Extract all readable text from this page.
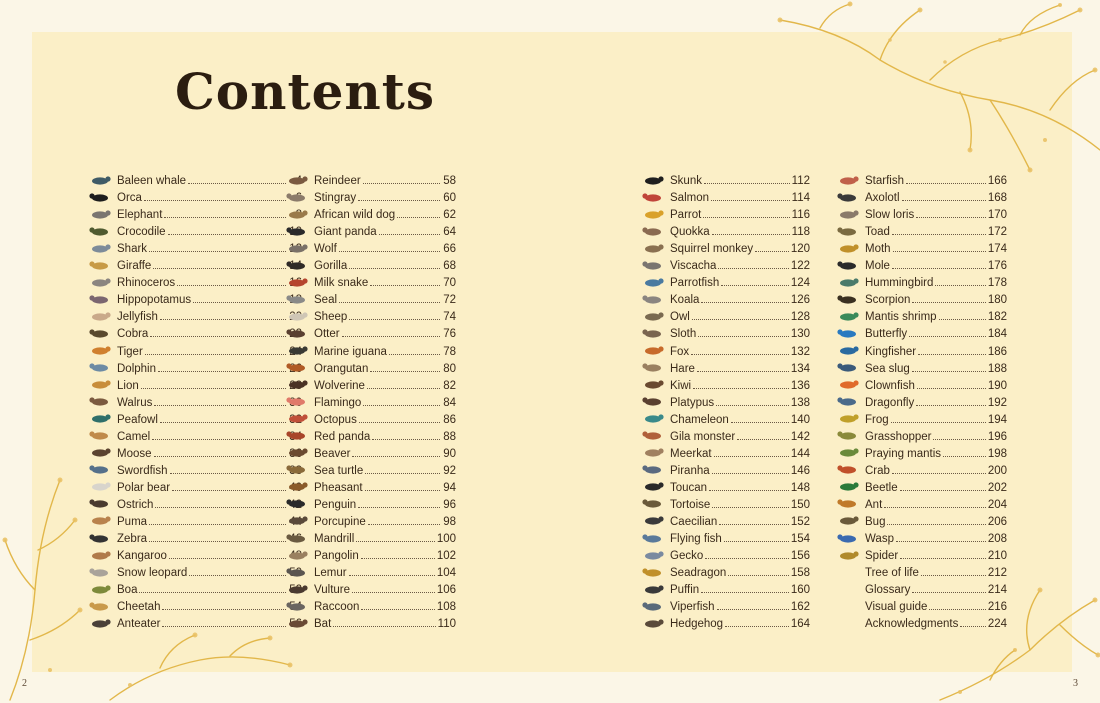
Contents
Baleen whale
Orca
Elephant
Crocodile
Shark
Giraffe
Rhinoceros
Hippopotamus
Jellyfish
Cobra
Tiger
Dolphin
Lion
Walrus
Peafowl
Camel
Moose
Swordfish
Polar bear
Ostrich
Puma
Zebra
Kangaroo
Snow leopard
Boa
Cheetah
Anteater
Reindeer	58
Stingray	60
African wild dog	62
Giant panda	64
Wolf	66
Gorilla	68
Milk snake	70
Seal	72
Sheep	74
Otter	76
Marine iguana	78
Orangutan	80
Wolverine	82
Flamingo	84
Octopus	86
Red panda	88
Beaver	90
Sea turtle	92
Pheasant	94
Penguin	96
Porcupine	98
Mandrill	100
Pangolin	102
Lemur	104
Vulture	106
Raccoon	108
Bat	110
Skunk	112
Salmon	114
Parrot	116
Quokka	118
Squirrel monkey	120
Viscacha	122
Parrotfish	124
Koala	126
Owl	128
Sloth	130
Fox	132
Hare	134
Kiwi	136
Platypus	138
Chameleon	140
Gila monster	142
Meerkat	144
Piranha	146
Toucan	148
Tortoise	150
Caecilian	152
Flying fish	154
Gecko	156
Seadragon	158
Puffin	160
Viperfish	162
Hedgehog	164
Starfish	166
Axolotl	168
Slow loris	170
Toad	172
Moth	174
Mole	176
Hummingbird	178
Scorpion	180
Mantis shrimp	182
Butterfly	184
Kingfisher	186
Sea slug	188
Clownfish	190
Dragonfly	192
Frog	194
Grasshopper	196
Praying mantis	198
Crab	200
Beetle	202
Ant	204
Bug	206
Wasp	208
Spider	210
Tree of life	212
Glossary	214
Visual guide	216
Acknowledgments	224
2	3
